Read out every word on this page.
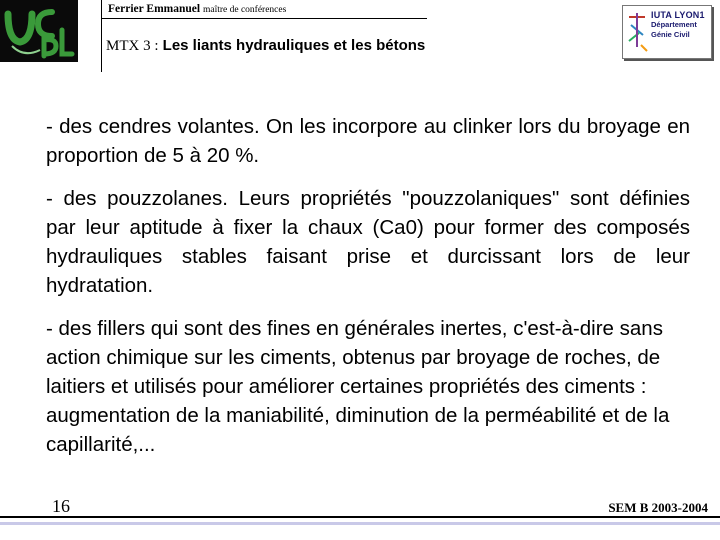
Ferrier Emmanuel maître de conférences
MTX 3 : Les liants hydrauliques et les bétons
IUTA LYON1
Département
Génie Civil

- des cendres volantes. On les incorpore au clinker lors du broyage en proportion de 5 à 20 %.

- des pouzzolanes. Leurs propriétés "pouzzolaniques" sont définies par leur aptitude à fixer la chaux (Ca0) pour former des composés hydrauliques stables faisant prise et durcissant lors de leur hydratation.

- des fillers qui sont des fines en générales inertes, c'est-à-dire sans action chimique sur les ciments, obtenus par broyage de roches, de laitiers et utilisés pour améliorer certaines propriétés des ciments : augmentation de la maniabilité, diminution de la perméabilité et de la capillarité,...

16	SEM B 2003-2004
